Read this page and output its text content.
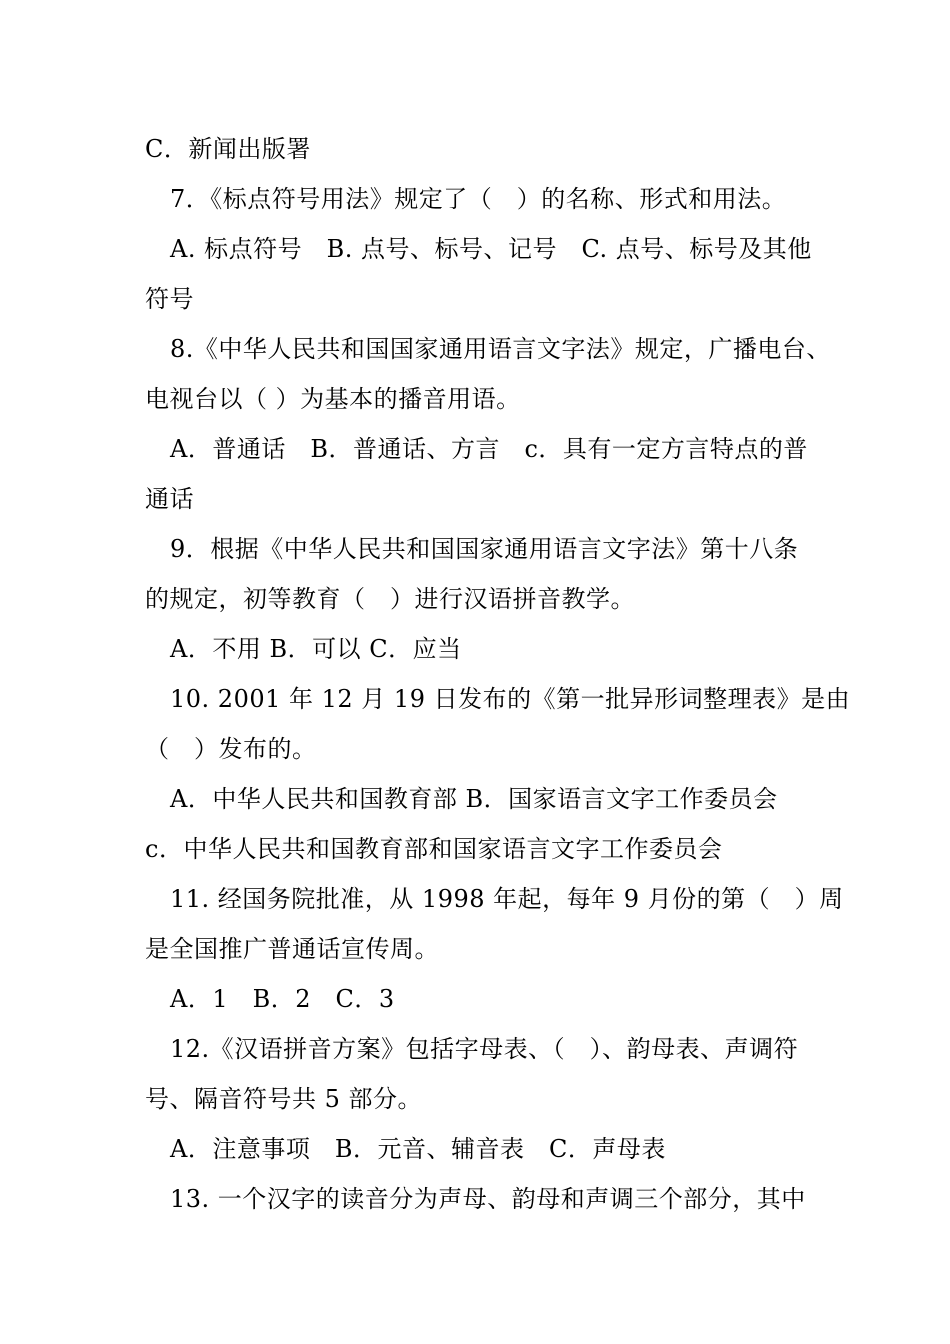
C．新闻出版署
7．《标点符号用法》规定了（　）的名称、形式和用法。
A. 标点符号　B. 点号、标号、记号　C. 点号、标号及其他
符号
8.《中华人民共和国国家通用语言文字法》规定，广播电台、
电视台以（ ）为基本的播音用语。
A．普通话　B．普通话、方言　c．具有一定方言特点的普
通话
9．根据《中华人民共和国国家通用语言文字法》第十八条
的规定，初等教育（　）进行汉语拼音教学。
A．不用 B．可以 C．应当
10. 2001 年 12 月 19 日发布的《第一批异形词整理表》是由
（　）发布的。
A．中华人民共和国教育部 B．国家语言文字工作委员会
c．中华人民共和国教育部和国家语言文字工作委员会
11. 经国务院批准，从 1998 年起，每年 9 月份的第（　）周
是全国推广普通话宣传周。
A．1　B．2　C．3
12.《汉语拼音方案》包括字母表、（　）、韵母表、声调符
号、隔音符号共 5 部分。
A．注意事项　B．元音、辅音表　C．声母表
13. 一个汉字的读音分为声母、韵母和声调三个部分，其中
